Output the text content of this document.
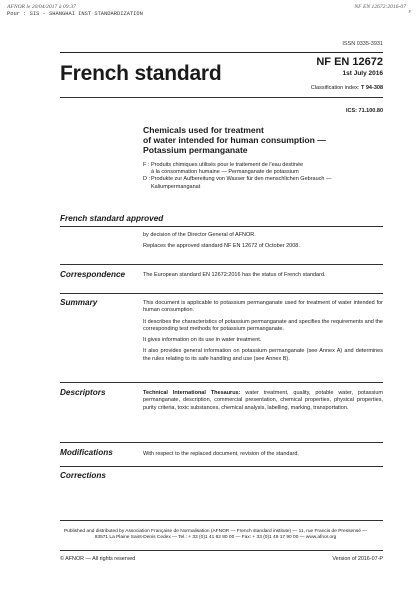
AFNOR le 20/04/2017 à 09:37
Pour : SIS - SHANGHAI INST STANDARDIZATION
NF EN 12672:2016-07
F
ISSN 0335-3931
French standard	NF EN 12672
1st July 2016
Classification index: T 94-308
ICS: 71.100.80
Chemicals used for treatment
of water intended for human consumption —
Potassium permanganate
F : Produits chimiques utilisés pour le traitement de l'eau destinée
à la consommation humaine — Permanganate de potassium
D : Produkte zur Aufbereitung von Wasser für den menschlichen Gebrauch —
Kaliumpermanganat
French standard approved

by decision of the Director General of AFNOR.

Replaces the approved standard NF EN 12672 of October 2008.

Correspondence	The European standard EN 12672:2016 has the status of French standard.
Summary	This document is applicable to potassium permanganate used for treatment of water intended for human consumption.

It describes the characteristics of potassium permanganate and specifies the requirements and the corresponding test methods for potassium permanganate.

It gives information on its use in water treatment.

It also provides general information on potassium permanganate (see Annex A) and determines the rules relating to its safe handling and use (see Annex B).

Descriptors	Technical International Thesaurus: water treatment, quality, potable water, potassium permanganate, description, commercial presentation, chemical properties, physical properties, purity criteria, toxic substances, chemical analysis, labelling, marking, transportation.
Modifications	With respect to the replaced document, revision of the standard.
Corrections
Published and distributed by Association Française de Normalisation (AFNOR — French standard institute) — 11, rue Francis de Pressensé —
93571 La Plaine Saint-Denis Cedex — Tel.: + 33 (0)1 41 62 80 00 — Fax: + 33 (0)1 49 17 90 00 — www.afnor.org
© AFNOR — All rights reserved	Version of 2016-07-P
